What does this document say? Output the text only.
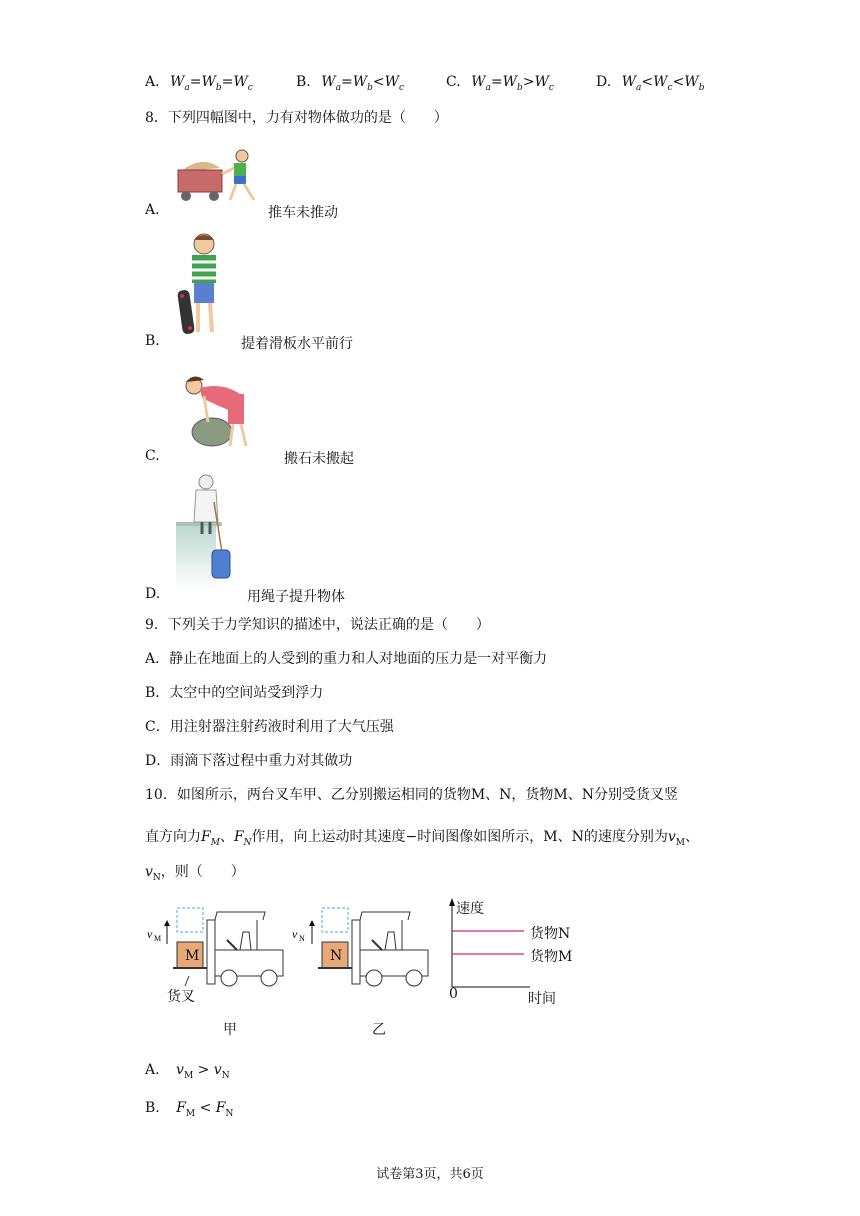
A. $W_a=W_b=W_c$	B. $W_a=W_b<W_c$	C. $W_a=W_b>W_c$	D. $W_a<W_c<W_b$
8．下列四幅图中，力有对物体做功的是（　　）
A.	推车未推动
B.	提着滑板水平前行
C.	搬石未搬起
D.	用绳子提升物体
9．下列关于力学知识的描述中，说法正确的是（　　）
A．静止在地面上的人受到的重力和人对地面的压力是一对平衡力
B．太空中的空间站受到浮力
C．用注射器注射药液时利用了大气压强
D．雨滴下落过程中重力对其做功
10．如图所示，两台叉车甲、乙分别搬运相同的货物M、N，货物M、N分别受货叉竖
直方向力$F_M$、$F_N$作用，向上运动时其速度−时间图像如图所示，M、N的速度分别为$v_M$、
$v_N$，则（　　）
v M
M
货叉
甲
v N
N
乙
速度
货物N
货物M
0	时间
A. $v_M > v_N$
B. $F_M < F_N$
试卷第3页，共6页
